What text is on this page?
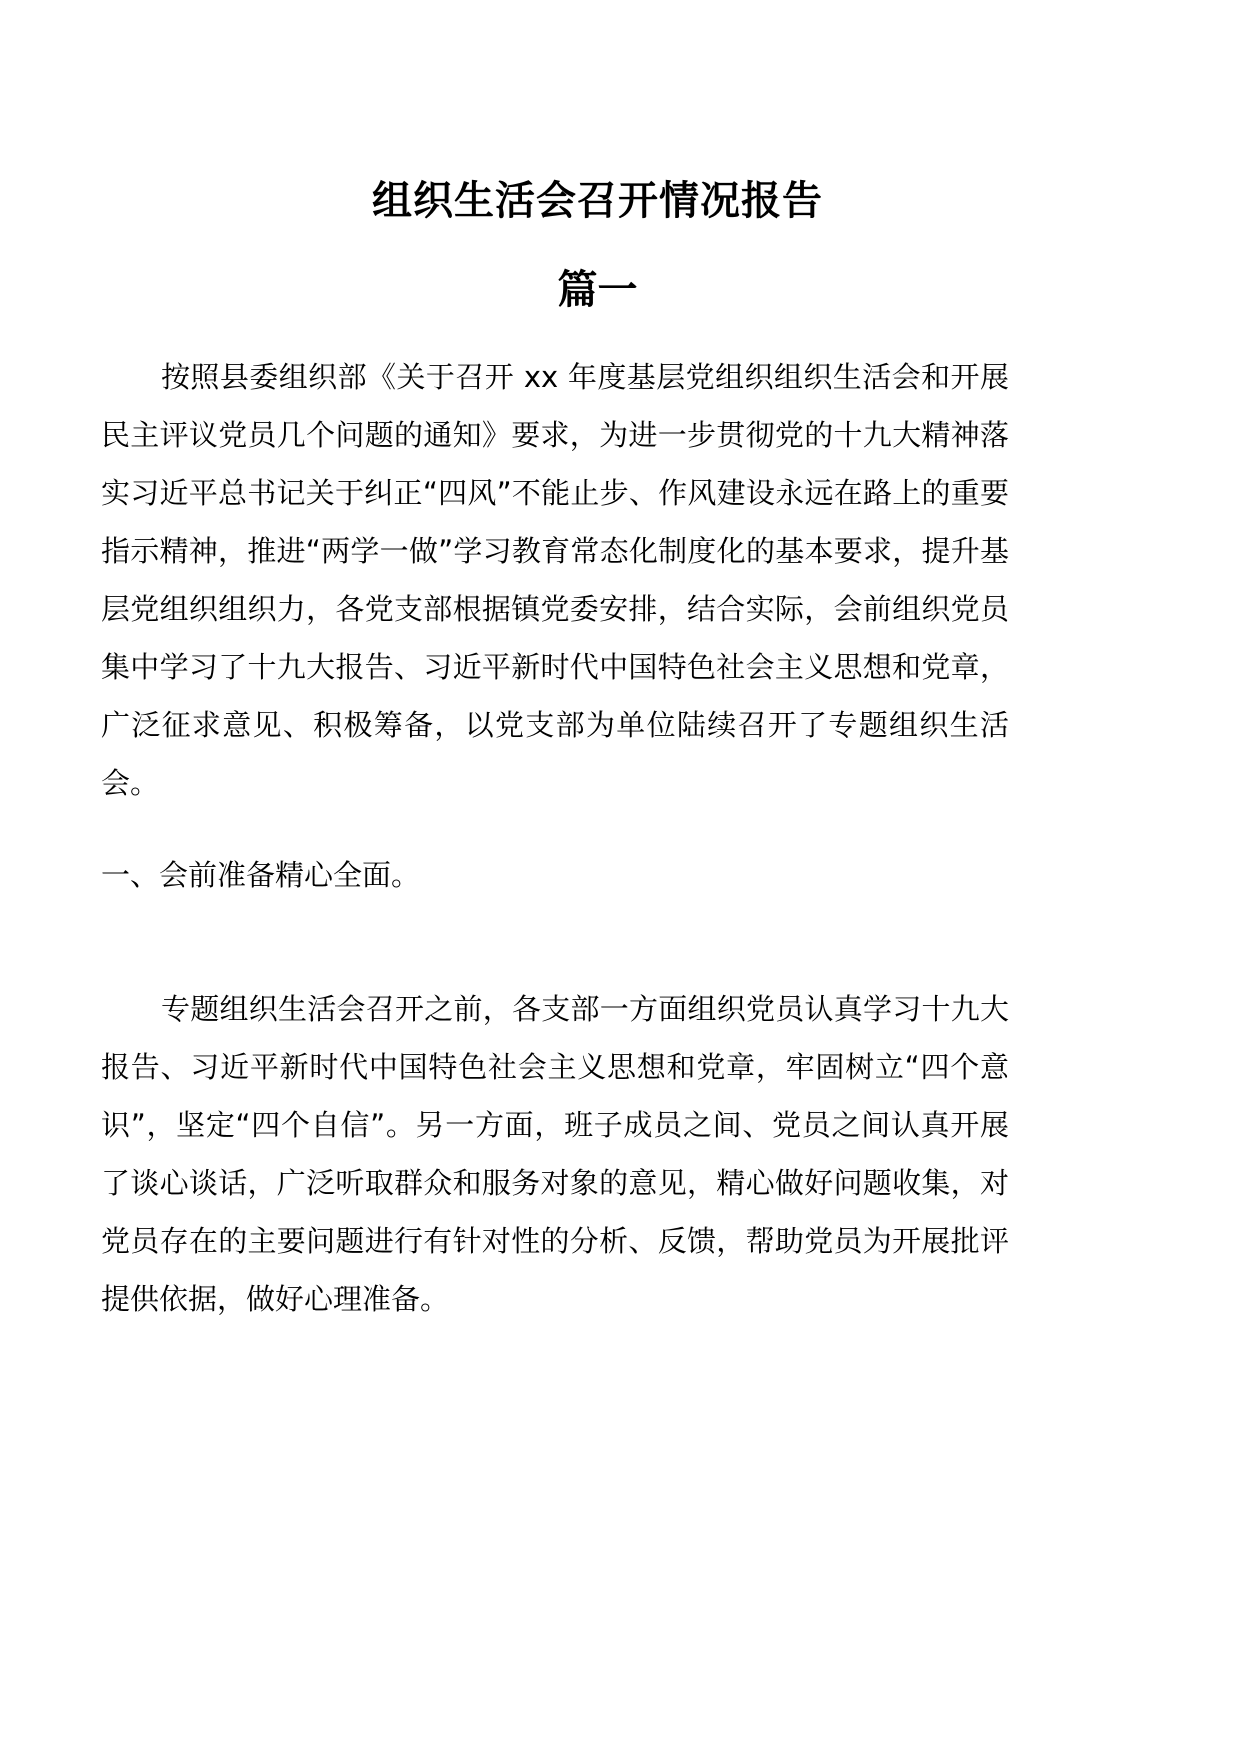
组织生活会召开情况报告
篇一

按照县委组织部《关于召开 xx 年度基层党组织组织生活会和开展民主评议党员几个问题的通知》要求，为进一步贯彻党的十九大精神落实习近平总书记关于纠正“四风”不能止步、作风建设永远在路上的重要指示精神，推进“两学一做”学习教育常态化制度化的基本要求，提升基层党组织组织力，各党支部根据镇党委安排，结合实际，会前组织党员集中学习了十九大报告、习近平新时代中国特色社会主义思想和党章，广泛征求意见、积极筹备，以党支部为单位陆续召开了专题组织生活会。

一、会前准备精心全面。

专题组织生活会召开之前，各支部一方面组织党员认真学习十九大报告、习近平新时代中国特色社会主义思想和党章，牢固树立“四个意识”，坚定“四个自信”。另一方面，班子成员之间、党员之间认真开展了谈心谈话，广泛听取群众和服务对象的意见，精心做好问题收集，对党员存在的主要问题进行有针对性的分析、反馈，帮助党员为开展批评提供依据，做好心理准备。
